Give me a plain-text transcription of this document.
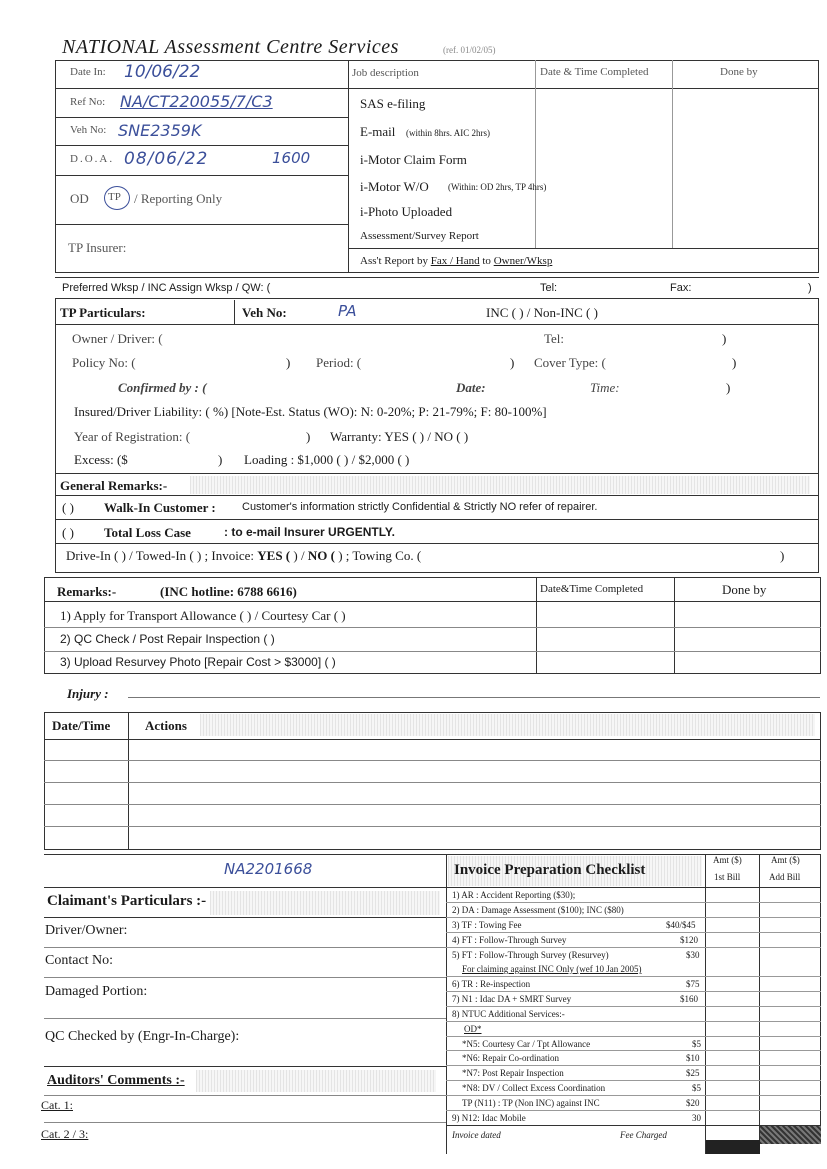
NATIONAL Assessment Centre Services	(ref. 01/02/05)
Date In: 10/06/22
Ref No: NA/CT220055/7/C3
Veh No: SNE2359K
D.O.A. 08/06/22	1600
OD TP / Reporting Only
TP Insurer:
Job description	Date & Time Completed	Done by
SAS e-filing
E-mail (within 8hrs. AIC 2hrs)
i-Motor Claim Form
i-Motor W/O (Within: OD 2hrs, TP 4hrs)
i-Photo Uploaded
Assessment/Survey Report
Ass't Report by Fax / Hand to Owner/Wksp
Preferred Wksp / INC Assign Wksp / QW: (	Tel:	Fax:	)
TP Particulars:	Veh No:	PA	INC ( ) / Non-INC ( )
Owner / Driver: (	Tel:	)
Policy No: (	) Period: (	) Cover Type: (	)
Confirmed by : (	Date:	Time:	)
Insured/Driver Liability: ( %) [Note-Est. Status (WO): N: 0-20%; P: 21-79%; F: 80-100%]
Year of Registration: (	) Warranty: YES ( ) / NO ( )
Excess: ($	) Loading : $1,000 ( ) / $2,000 ( )
General Remarks:-
( ) Walk-In Customer : Customer's information strictly Confidential & Strictly NO refer of repairer.
( ) Total Loss Case	: to e-mail Insurer URGENTLY.
Drive-In ( ) / Towed-In ( ) ; Invoice: YES ( ) / NO ( ) ; Towing Co. (	)
Remarks:-	(INC hotline: 6788 6616)	Date&Time Completed	Done by
1) Apply for Transport Allowance ( ) / Courtesy Car ( )
2) QC Check / Post Repair Inspection ( )
3) Upload Resurvey Photo [Repair Cost > $3000] ( )
Injury :
Date/Time	Actions
NA2201668
Claimant's Particulars :-
Driver/Owner:
Contact No:
Damaged Portion:
QC Checked by (Engr-In-Charge):
Auditors' Comments :-
Cat. 1:
Cat. 2 / 3:
Invoice Preparation Checklist
Amt ($)
1st Bill
Amt ($)
Add Bill
1) AR : Accident Reporting ($30);
2) DA : Damage Assessment ($100); INC ($80)
3) TF : Towing Fee	$40/$45
4) FT : Follow-Through Survey	$120
5) FT : Follow-Through Survey (Resurvey)	$30
For claiming against INC Only (wef 10 Jan 2005)
6) TR : Re-inspection	$75
7) N1 : Idac DA + SMRT Survey	$160
8) NTUC Additional Services:-
OD*
*N5: Courtesy Car / Tpt Allowance	$5
*N6: Repair Co-ordination	$10
*N7: Post Repair Inspection	$25
*N8: DV / Collect Excess Coordination	$5
TP (N11) : TP (Non INC) against INC	$20
9) N12: Idac Mobile	30
Invoice dated	Fee Charged
